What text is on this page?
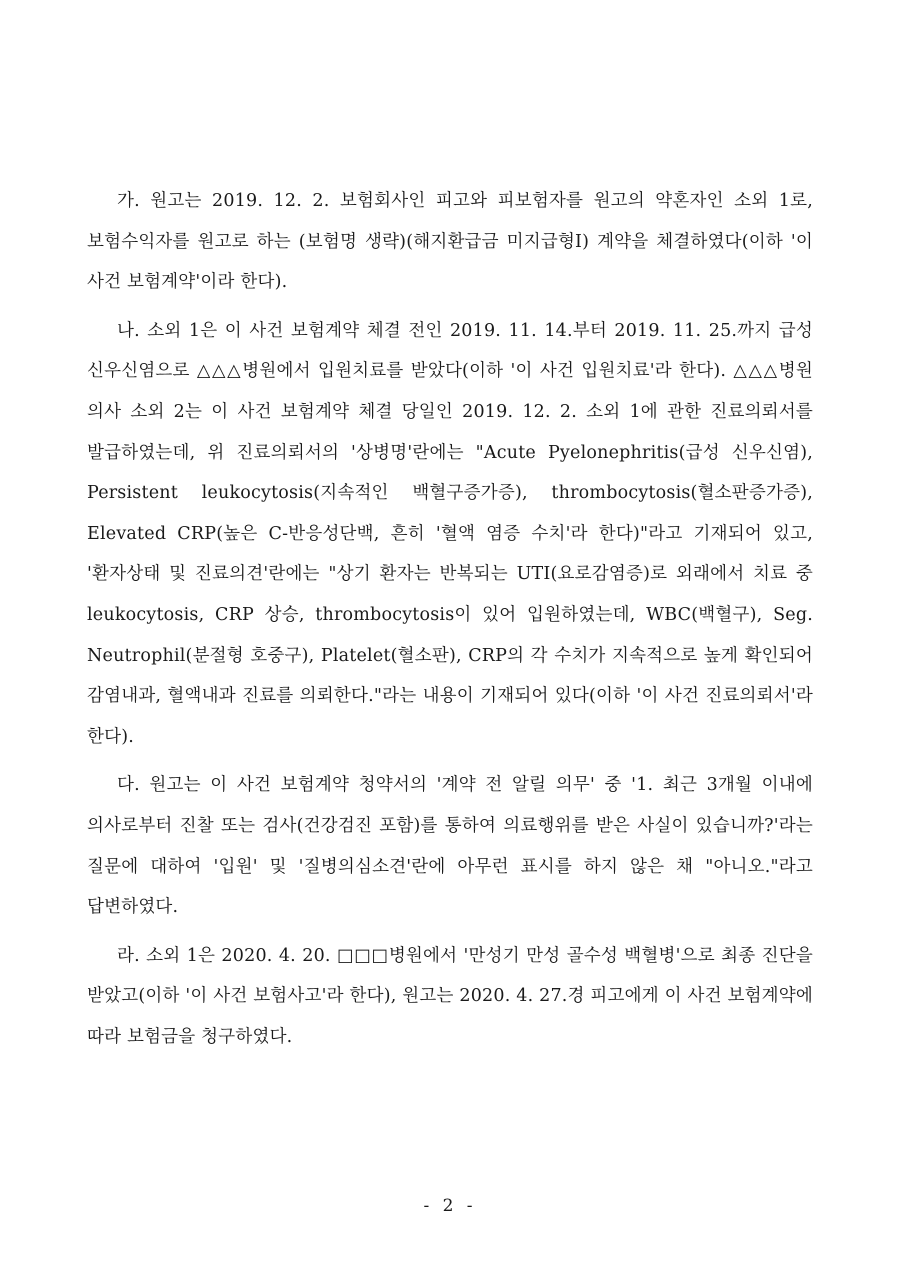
가. 원고는 2019. 12. 2. 보험회사인 피고와 피보험자를 원고의 약혼자인 소외 1로, 보험수익자를 원고로 하는 (보험명 생략)(해지환급금 미지급형I) 계약을 체결하였다(이하 '이 사건 보험계약'이라 한다).

나. 소외 1은 이 사건 보험계약 체결 전인 2019. 11. 14.부터 2019. 11. 25.까지 급성 신우신염으로 △△△병원에서 입원치료를 받았다(이하 '이 사건 입원치료'라 한다). △△△병원 의사 소외 2는 이 사건 보험계약 체결 당일인 2019. 12. 2. 소외 1에 관한 진료의뢰서를 발급하였는데, 위 진료의뢰서의 '상병명'란에는 "Acute Pyelonephritis(급성 신우신염), Persistent leukocytosis(지속적인 백혈구증가증), thrombocytosis(혈소판증가증), Elevated CRP(높은 C-반응성단백, 흔히 '혈액 염증 수치'라 한다)"라고 기재되어 있고, '환자상태 및 진료의견'란에는 "상기 환자는 반복되는 UTI(요로감염증)로 외래에서 치료 중 leukocytosis, CRP 상승, thrombocytosis이 있어 입원하였는데, WBC(백혈구), Seg. Neutrophil(분절형 호중구), Platelet(혈소판), CRP의 각 수치가 지속적으로 높게 확인되어 감염내과, 혈액내과 진료를 의뢰한다."라는 내용이 기재되어 있다(이하 '이 사건 진료의뢰서'라 한다).

다. 원고는 이 사건 보험계약 청약서의 '계약 전 알릴 의무' 중 '1. 최근 3개월 이내에 의사로부터 진찰 또는 검사(건강검진 포함)를 통하여 의료행위를 받은 사실이 있습니까?'라는 질문에 대하여 '입원' 및 '질병의심소견'란에 아무런 표시를 하지 않은 채 "아니오."라고 답변하였다.

라. 소외 1은 2020. 4. 20. □□□병원에서 '만성기 만성 골수성 백혈병'으로 최종 진단을 받았고(이하 '이 사건 보험사고'라 한다), 원고는 2020. 4. 27.경 피고에게 이 사건 보험계약에 따라 보험금을 청구하였다.

- 2 -
